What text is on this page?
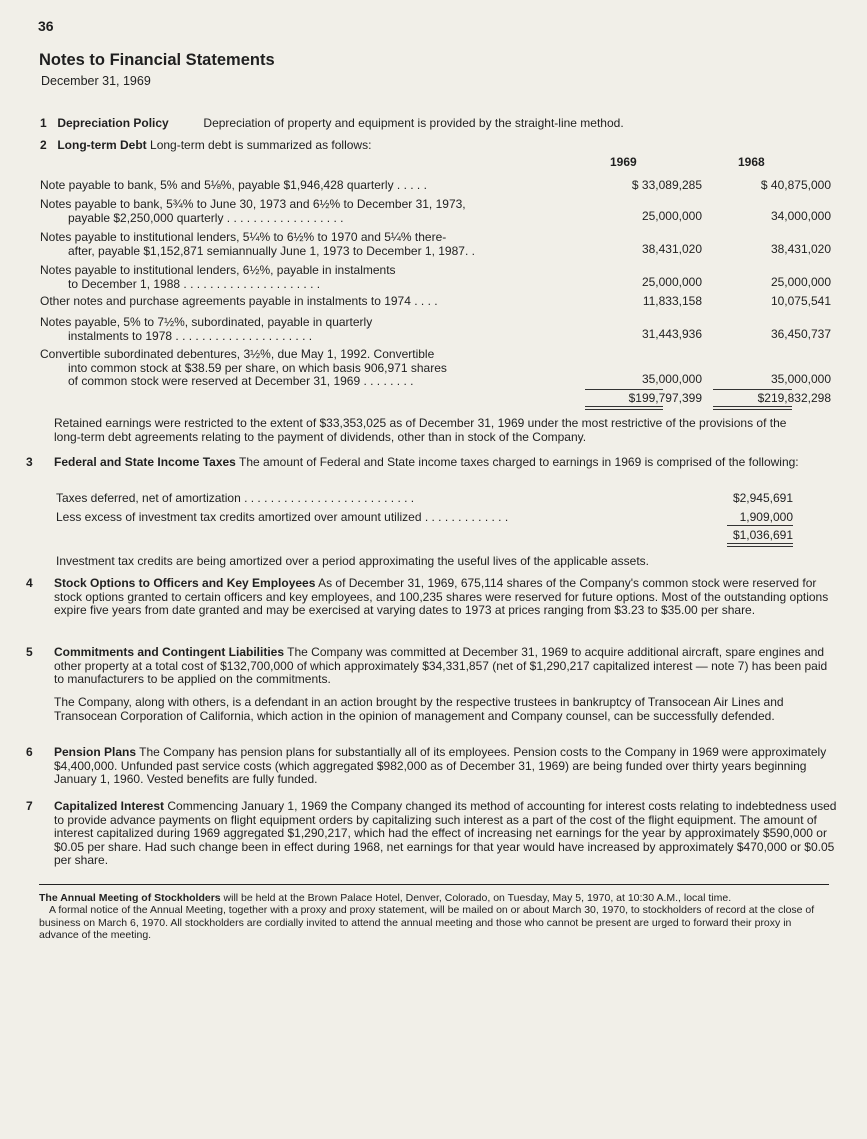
36
Notes to Financial Statements
December 31, 1969
1 Depreciation Policy	Depreciation of property and equipment is provided by the straight-line method.
2 Long-term Debt Long-term debt is summarized as follows:
1969	1968
Note payable to bank, 5% and 5⅛%, payable $1,946,428 quarterly . . . . .	$ 33,089,285	$ 40,875,000
Notes payable to bank, 5¾% to June 30, 1973 and 6½% to December 31, 1973,
payable $2,250,000 quarterly . . . . . . . . . . . . . . . . . .	25,000,000	34,000,000
Notes payable to institutional lenders, 5¼% to 6½% to 1970 and 5¼% there-
after, payable $1,152,871 semiannually June 1, 1973 to December 1, 1987. .	38,431,020	38,431,020
Notes payable to institutional lenders, 6½%, payable in instalments
to December 1, 1988 . . . . . . . . . . . . . . . . . . . . .	25,000,000	25,000,000
Other notes and purchase agreements payable in instalments to 1974 . . . .	11,833,158	10,075,541
Notes payable, 5% to 7½%, subordinated, payable in quarterly
instalments to 1978 . . . . . . . . . . . . . . . . . . . . .	31,443,936	36,450,737
Convertible subordinated debentures, 3½%, due May 1, 1992. Convertible
into common stock at $38.59 per share, on which basis 906,971 shares
of common stock were reserved at December 31, 1969 . . . . . . . .	35,000,000	35,000,000
$199,797,399	$219,832,298
Retained earnings were restricted to the extent of $33,353,025 as of December 31, 1969 under the most restrictive of the provisions of the long-term debt agreements relating to the payment of dividends, other than in stock of the Company.
3 Federal and State Income Taxes The amount of Federal and State income taxes charged to earnings in 1969 is comprised of the following:
Taxes deferred, net of amortization . . . . . . . . . . . . . . . . . . . . . . . . . .	$2,945,691
Less excess of investment tax credits amortized over amount utilized . . . . . . . . . . . . .	1,909,000
$1,036,691
Investment tax credits are being amortized over a period approximating the useful lives of the applicable assets.
4 Stock Options to Officers and Key Employees As of December 31, 1969, 675,114 shares of the Company's common stock were reserved for stock options granted to certain officers and key employees, and 100,235 shares were reserved for future options. Most of the outstanding options expire five years from date granted and may be exercised at varying dates to 1973 at prices ranging from $3.23 to $35.00 per share.
5 Commitments and Contingent Liabilities The Company was committed at December 31, 1969 to acquire additional aircraft, spare engines and other property at a total cost of $132,700,000 of which approximately $34,331,857 (net of $1,290,217 capitalized interest — note 7) has been paid to manufacturers to be applied on the commitments.
The Company, along with others, is a defendant in an action brought by the respective trustees in bankruptcy of Transocean Air Lines and Transocean Corporation of California, which action in the opinion of management and Company counsel, can be successfully defended.
6 Pension Plans The Company has pension plans for substantially all of its employees. Pension costs to the Company in 1969 were approximately $4,400,000. Unfunded past service costs (which aggregated $982,000 as of December 31, 1969) are being funded over thirty years beginning January 1, 1960. Vested benefits are fully funded.
7 Capitalized Interest Commencing January 1, 1969 the Company changed its method of accounting for interest costs relating to indebtedness used to provide advance payments on flight equipment orders by capitalizing such interest as a part of the cost of the flight equipment. The amount of interest capitalized during 1969 aggregated $1,290,217, which had the effect of increasing net earnings for the year by approximately $590,000 or $0.05 per share. Had such change been in effect during 1968, net earnings for that year would have increased by approximately $470,000 or $0.05 per share.
The Annual Meeting of Stockholders will be held at the Brown Palace Hotel, Denver, Colorado, on Tuesday, May 5, 1970, at 10:30 A.M., local time.
A formal notice of the Annual Meeting, together with a proxy and proxy statement, will be mailed on or about March 30, 1970, to stockholders of record at the close of business on March 6, 1970. All stockholders are cordially invited to attend the annual meeting and those who cannot be present are urged to forward their proxy in advance of the meeting.
